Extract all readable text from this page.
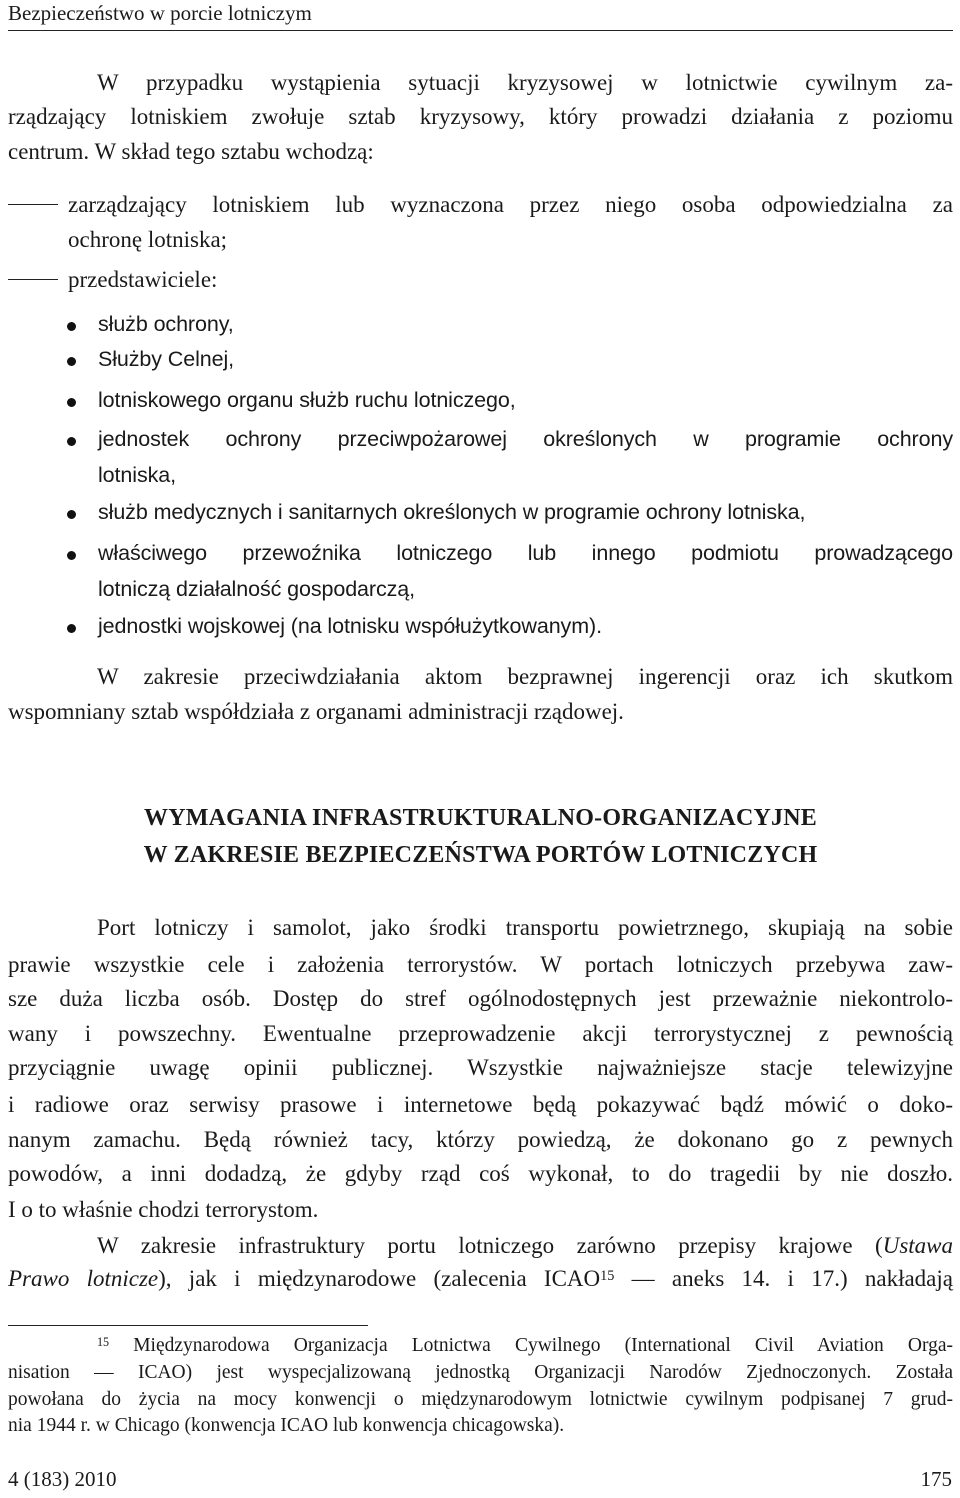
Bezpieczeństwo w porcie lotniczym
W przypadku wystąpienia sytuacji kryzysowej w lotnictwie cywilnym za-
rządzający lotniskiem zwołuje sztab kryzysowy, który prowadzi działania z poziomu
centrum. W skład tego sztabu wchodzą:
zarządzający lotniskiem lub wyznaczona przez niego osoba odpowiedzialna za
ochronę lotniska;
przedstawiciele:
służb ochrony,
Służby Celnej,
lotniskowego organu służb ruchu lotniczego,
jednostek ochrony przeciwpożarowej określonych w programie ochrony
lotniska,
służb medycznych i sanitarnych określonych w programie ochrony lotniska,
właściwego przewoźnika lotniczego lub innego podmiotu prowadzącego
lotniczą działalność gospodarczą,
jednostki wojskowej (na lotnisku współużytkowanym).
W zakresie przeciwdziałania aktom bezprawnej ingerencji oraz ich skutkom
wspomniany sztab współdziała z organami administracji rządowej.
WYMAGANIA INFRASTRUKTURALNO-ORGANIZACYJNE
W ZAKRESIE BEZPIECZEŃSTWA PORTÓW LOTNICZYCH
Port lotniczy i samolot, jako środki transportu powietrznego, skupiają na sobie
prawie wszystkie cele i założenia terrorystów. W portach lotniczych przebywa zaw-
sze duża liczba osób. Dostęp do stref ogólnodostępnych jest przeważnie niekontrolo-
wany i powszechny. Ewentualne przeprowadzenie akcji terrorystycznej z pewnością
przyciągnie uwagę opinii publicznej. Wszystkie najważniejsze stacje telewizyjne
i radiowe oraz serwisy prasowe i internetowe będą pokazywać bądź mówić o doko-
nanym zamachu. Będą również tacy, którzy powiedzą, że dokonano go z pewnych
powodów, a inni dodadzą, że gdyby rząd coś wykonał, to do tragedii by nie doszło.
I o to właśnie chodzi terrorystom.
W zakresie infrastruktury portu lotniczego zarówno przepisy krajowe (Ustawa
Prawo lotnicze), jak i międzynarodowe (zalecenia ICAO$^{15}$ — aneks 14. i 17.) nakładają
$^{15}$ Międzynarodowa Organizacja Lotnictwa Cywilnego (International Civil Aviation Orga-
nisation — ICAO) jest wyspecjalizowaną jednostką Organizacji Narodów Zjednoczonych. Została
powołana do życia na mocy konwencji o międzynarodowym lotnictwie cywilnym podpisanej 7 grud-
nia 1944 r. w Chicago (konwencja ICAO lub konwencja chicagowska).
4 (183) 2010	175
